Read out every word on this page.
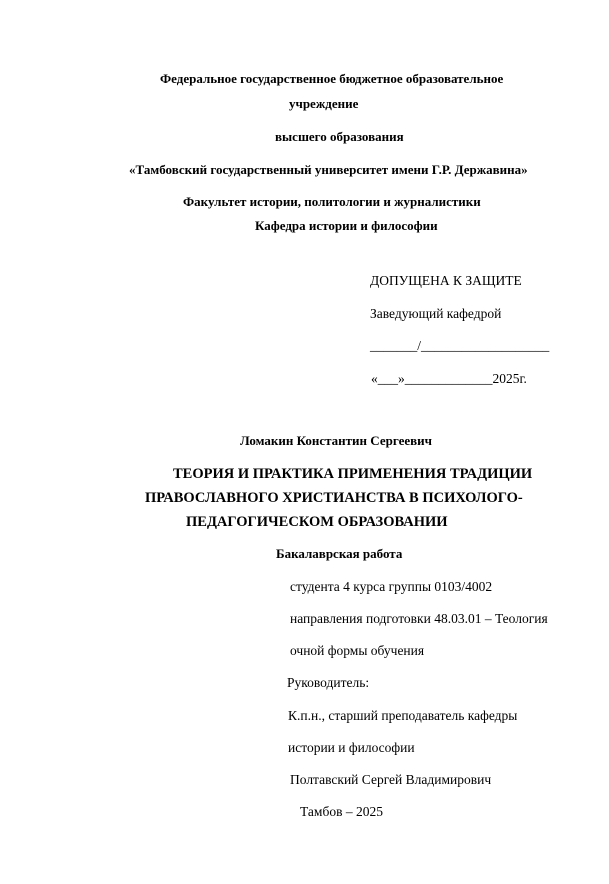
Федеральное государственное бюджетное образовательное
учреждение
высшего образования
«Тамбовский государственный университет имени Г.Р. Державина»
Факультет истории, политологии и журналистики
Кафедра истории и философии
ДОПУЩЕНА К ЗАЩИТЕ
Заведующий кафедрой
_______/___________________
«___»_____________2025г.
Ломакин Константин Сергеевич
ТЕОРИЯ И ПРАКТИКА ПРИМЕНЕНИЯ ТРАДИЦИИ
ПРАВОСЛАВНОГО ХРИСТИАНСТВА В ПСИХОЛОГО-
ПЕДАГОГИЧЕСКОМ ОБРАЗОВАНИИ
Бакалаврская работа
студента 4 курса группы 0103/4002
направления подготовки 48.03.01 – Теология
очной формы обучения
Руководитель:
К.п.н., старший преподаватель кафедры
истории и философии
Полтавский Сергей Владимирович
Тамбов – 2025
